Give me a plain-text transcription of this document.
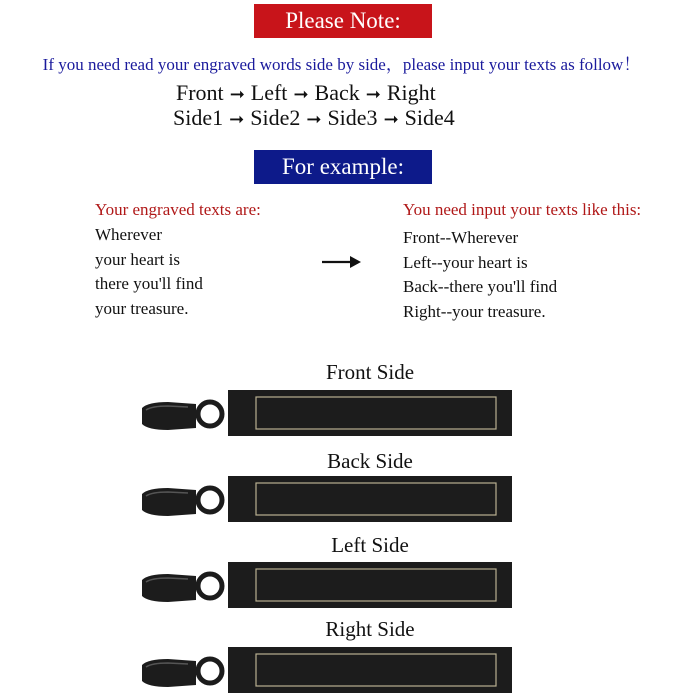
Please Note:
If you need read your engraved words side by side，please input your texts as follow！
Front ➞ Left ➞ Back ➞ Right
Side1 ➞ Side2 ➞ Side3 ➞ Side4
For example:
Your engraved texts are:
Wherever
your heart is
there you'll find
your treasure.
You need input your texts like this:
Front--Wherever
Left--your heart is
Back--there you'll find
Right--your treasure.
Front Side
Back Side
Left Side
Right Side
